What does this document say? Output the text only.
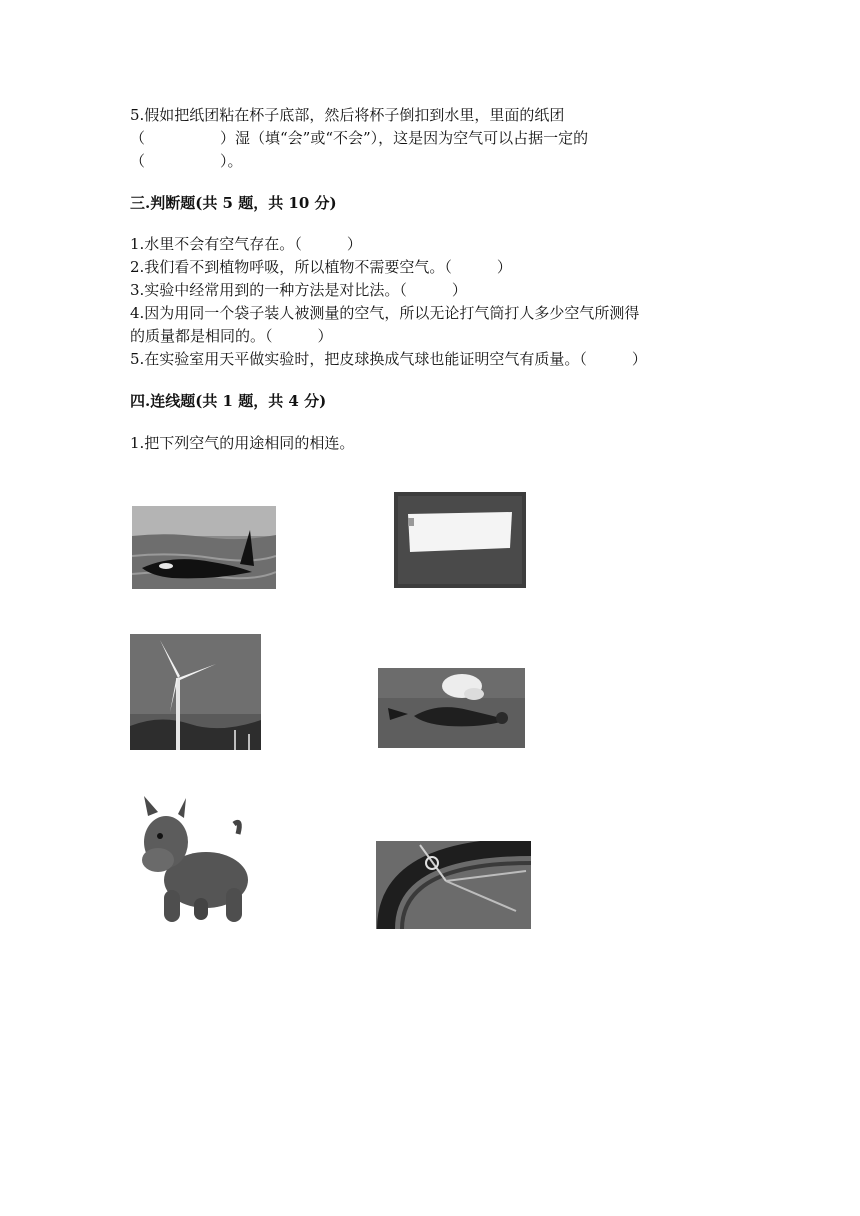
5.假如把纸团粘在杯子底部，然后将杯子倒扣到水里，里面的纸团
（　　　　　）湿（填“会”或“不会”），这是因为空气可以占据一定的
（　　　　　）。
三.判断题(共 5 题，共 10 分)
1.水里不会有空气存在。（　　　）
2.我们看不到植物呼吸，所以植物不需要空气。（　　　）
3.实验中经常用到的一种方法是对比法。（　　　）
4.因为用同一个袋子装人被测量的空气，所以无论打气筒打人多少空气所测得
的质量都是相同的。（　　　）
5.在实验室用天平做实验时，把皮球换成气球也能证明空气有质量。（　　　）
四.连线题(共 1 题，共 4 分)
1.把下列空气的用途相同的相连。
